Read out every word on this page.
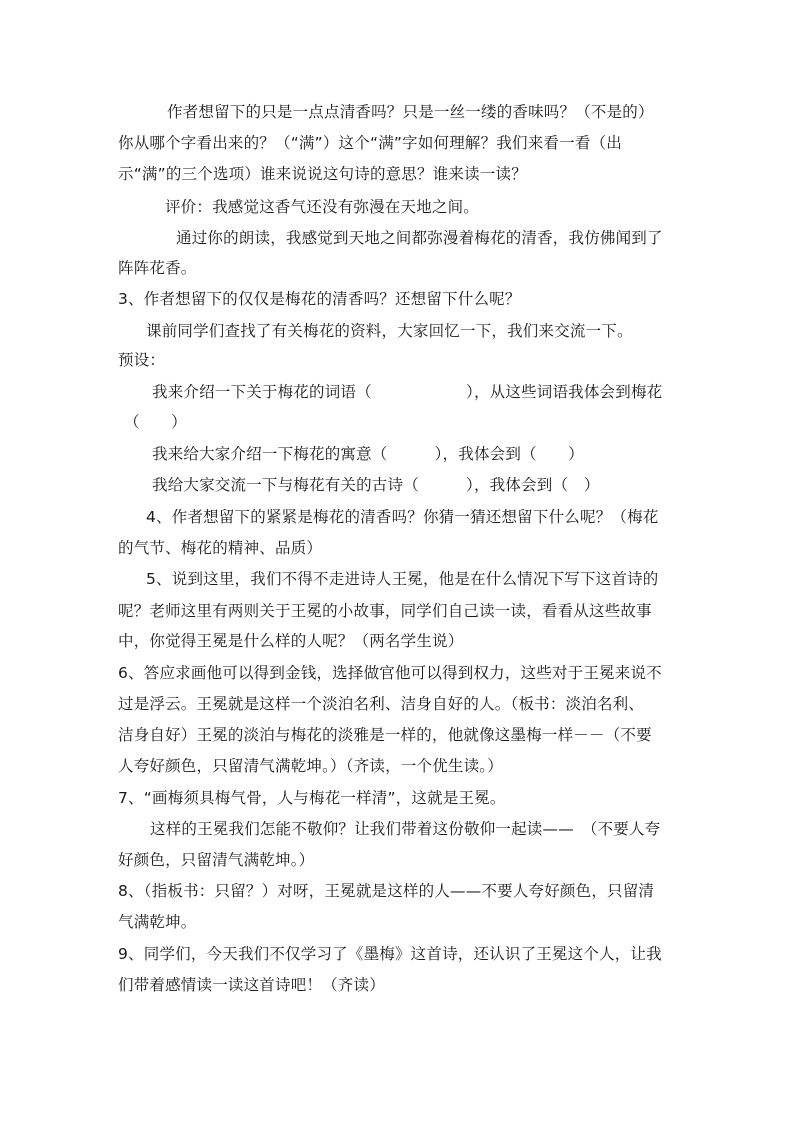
作者想留下的只是一点点清香吗？只是一丝一缕的香味吗？（不是的）
你从哪个字看出来的？（“满”）这个“满”字如何理解？我们来看一看（出
示“满”的三个选项）谁来说说这句诗的意思？谁来读一读？
评价：我感觉这香气还没有弥漫在天地之间。
通过你的朗读，我感觉到天地之间都弥漫着梅花的清香，我仿佛闻到了
阵阵花香。
3、作者想留下的仅仅是梅花的清香吗？还想留下什么呢？
课前同学们查找了有关梅花的资料，大家回忆一下，我们来交流一下。
预设：
我来介绍一下关于梅花的词语（　　　　　　），从这些词语我体会到梅花
（　　）
我来给大家介绍一下梅花的寓意（　　　），我体会到（　　）
我给大家交流一下与梅花有关的古诗（　　　），我体会到（　）
4、作者想留下的紧紧是梅花的清香吗？你猜一猜还想留下什么呢？（梅花
的气节、梅花的精神、品质）
5、说到这里，我们不得不走进诗人王冕，他是在什么情况下写下这首诗的
呢？老师这里有两则关于王冕的小故事，同学们自己读一读，看看从这些故事
中，你觉得王冕是什么样的人呢？（两名学生说）
6、答应求画他可以得到金钱，选择做官他可以得到权力，这些对于王冕来说不
过是浮云。王冕就是这样一个淡泊名利、洁身自好的人。（板书：淡泊名利、
洁身自好）王冕的淡泊与梅花的淡雅是一样的，他就像这墨梅一样－－（不要
人夸好颜色，只留清气满乾坤。）（齐读，一个优生读。）
7、“画梅须具梅气骨，人与梅花一样清”，这就是王冕。
这样的王冕我们怎能不敬仰？让我们带着这份敬仰一起读——　（不要人夸
好颜色，只留清气满乾坤。）
8、（指板书：只留？）对呀，王冕就是这样的人——不要人夸好颜色，只留清
气满乾坤。
9、同学们，今天我们不仅学习了《墨梅》这首诗，还认识了王冕这个人，让我
们带着感情读一读这首诗吧！（齐读）
